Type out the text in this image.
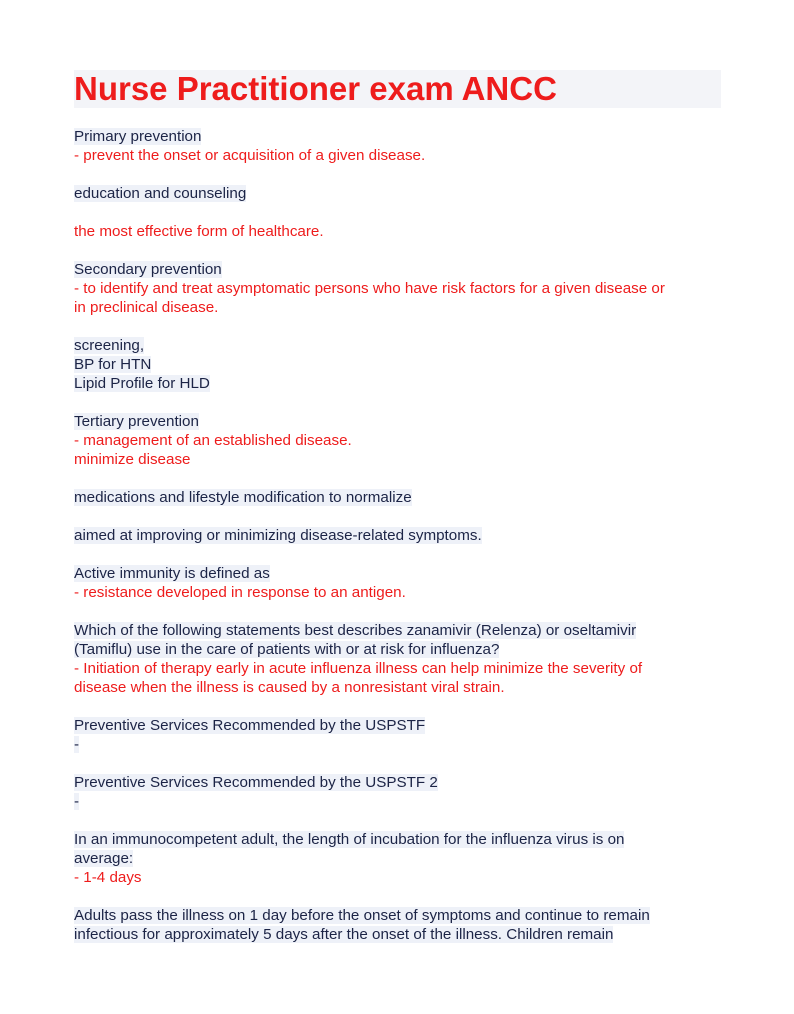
Nurse Practitioner exam ANCC
Primary prevention
- prevent the onset or acquisition of a given disease.
education and counseling
the most effective form of healthcare.
Secondary prevention
- to identify and treat asymptomatic persons who have risk factors for a given disease or
in preclinical disease.
screening,
BP for HTN
Lipid Profile for HLD
Tertiary prevention
- management of an established disease.
minimize disease
medications and lifestyle modification to normalize
aimed at improving or minimizing disease-related symptoms.
Active immunity is defined as
- resistance developed in response to an antigen.
Which of the following statements best describes zanamivir (Relenza) or oseltamivir
(Tamiflu) use in the care of patients with or at risk for influenza?
- Initiation of therapy early in acute influenza illness can help minimize the severity of
disease when the illness is caused by a nonresistant viral strain.
Preventive Services Recommended by the USPSTF
-
Preventive Services Recommended by the USPSTF 2
-
In an immunocompetent adult, the length of incubation for the influenza virus is on
average:
- 1-4 days
Adults pass the illness on 1 day before the onset of symptoms and continue to remain
infectious for approximately 5 days after the onset of the illness. Children remain
